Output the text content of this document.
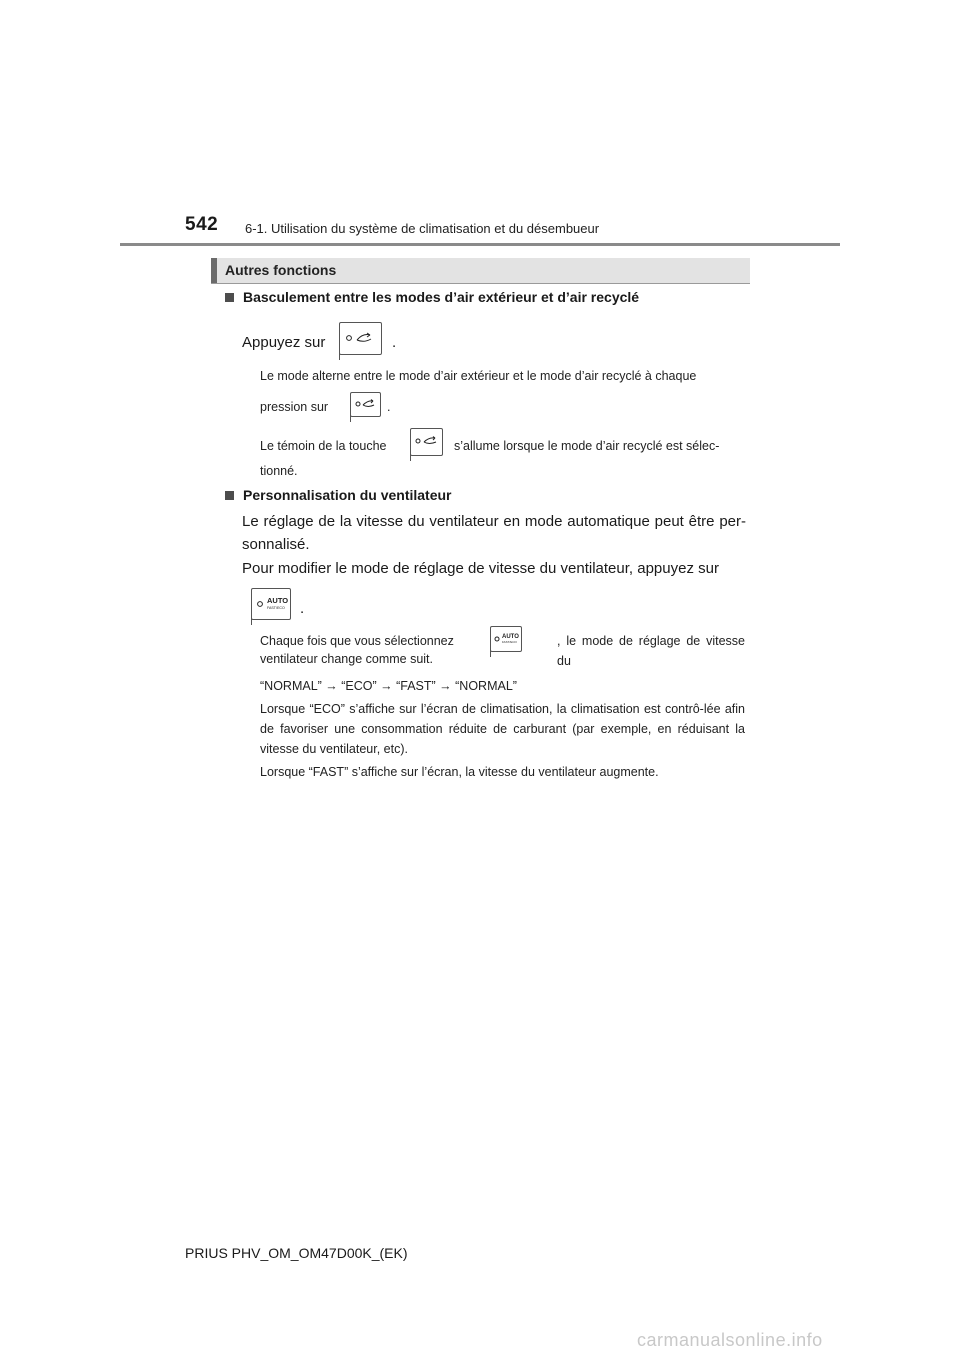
542 6-1. Utilisation du système de climatisation et du désembueur
Autres fonctions
Basculement entre les modes d’air extérieur et d’air recyclé
Appuyez sur	.
Le mode alterne entre le mode d’air extérieur et le mode d’air recyclé à chaque
pression sur	.
Le témoin de la touche	s’allume lorsque le mode d’air recyclé est sélec-
tionné.
Personnalisation du ventilateur
Le réglage de la vitesse du ventilateur en mode automatique peut être per-sonnalisé.
Pour modifier le mode de réglage de vitesse du ventilateur, appuyez sur
AUTO
FAST/ECO .
Chaque fois que vous sélectionnez	AUTO
FAST/ECO	, le mode de réglage de vitesse du
ventilateur change comme suit.
“NORMAL” → “ECO” → “FAST” → “NORMAL”
Lorsque “ECO” s’affiche sur l’écran de climatisation, la climatisation est contrô-lée afin de favoriser une consommation réduite de carburant (par exemple, en réduisant la vitesse du ventilateur, etc).
Lorsque “FAST” s’affiche sur l’écran, la vitesse du ventilateur augmente.
PRIUS PHV_OM_OM47D00K_(EK)
carmanualsonline.info
